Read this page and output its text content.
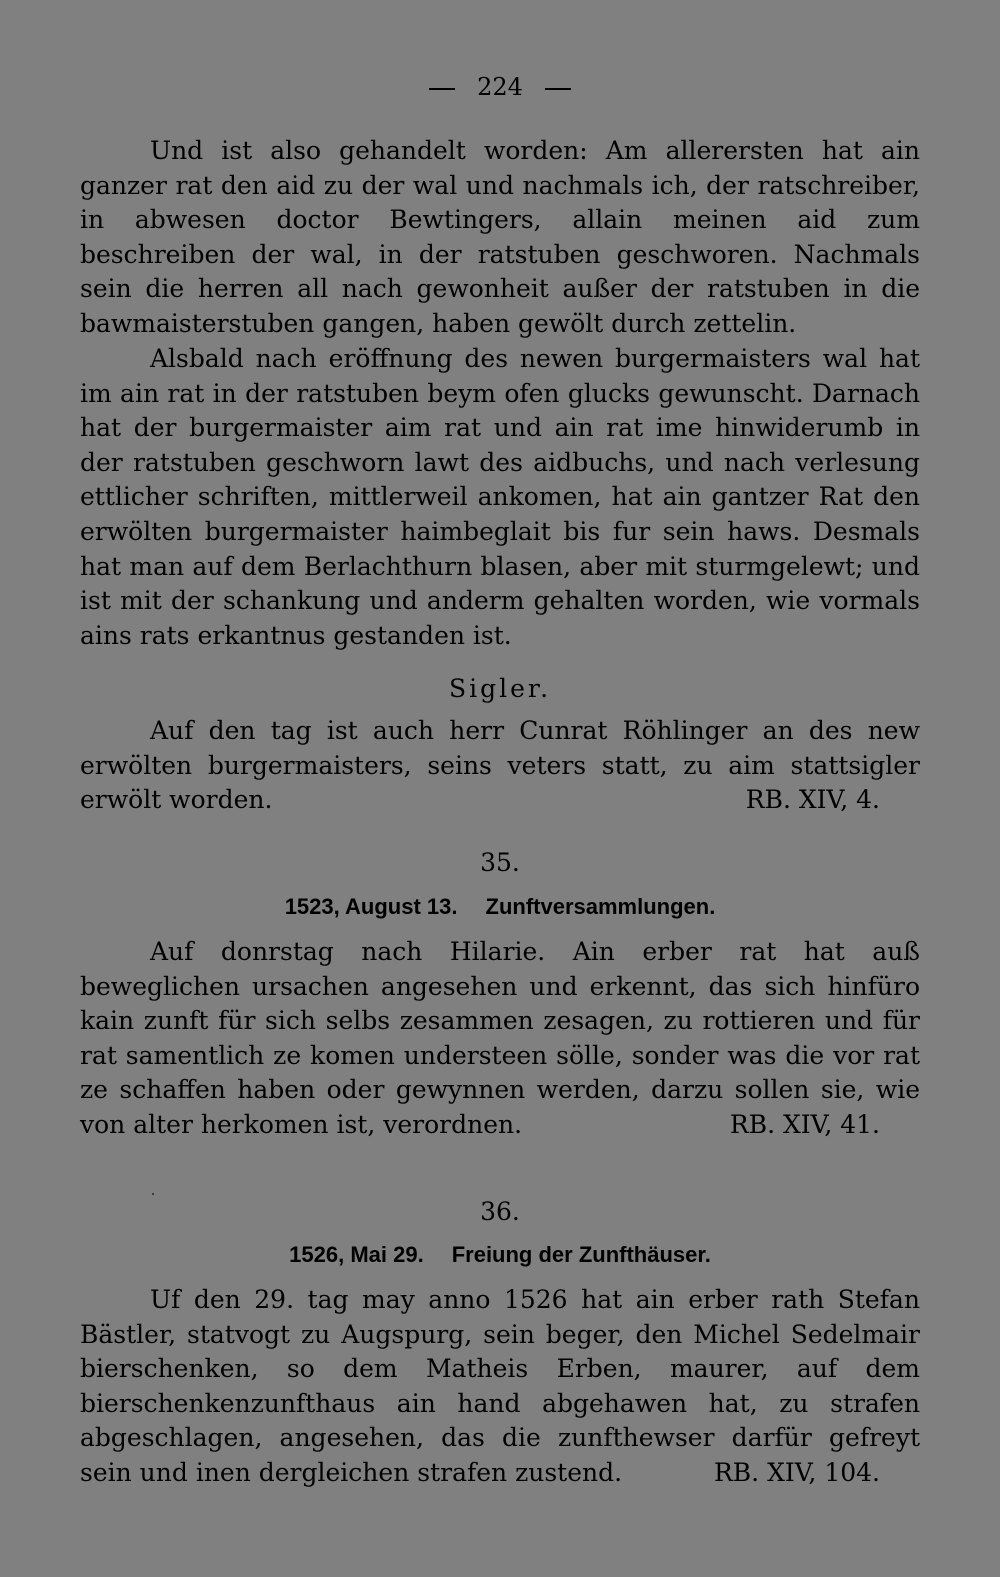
224

Und ist also gehandelt worden: Am allerersten hat ain ganzer rat den aid zu der wal und nachmals ich, der ratschreiber, in abwesen doctor Bewtingers, allain meinen aid zum beschreiben der wal, in der ratstuben geschworen. Nachmals sein die herren all nach gewonheit außer der ratstuben in die bawmaisterstuben gangen, haben gewölt durch zettelin.

Alsbald nach eröffnung des newen burgermaisters wal hat im ain rat in der ratstuben beym ofen glucks gewunscht. Darnach hat der burgermaister aim rat und ain rat ime hinwiderumb in der ratstuben geschworn lawt des aidbuchs, und nach verlesung ettlicher schriften, mittlerweil ankomen, hat ain gantzer Rat den erwölten burgermaister haimbeglait bis fur sein haws. Desmals hat man auf dem Berlachthurn blasen, aber mit sturmgelewt; und ist mit der schankung und anderm gehalten worden, wie vormals ains rats erkantnus gestanden ist.

Sigler.

Auf den tag ist auch herr Cunrat Röhlinger an des new erwölten burgermaisters, seins veters statt, zu aim stattsigler erwölt worden.	RB. XIV, 4.

35.

1523, August 13. Zunftversammlungen.

Auf donrstag nach Hilarie. Ain erber rat hat auß beweglichen ursachen angesehen und erkennt, das sich hinfüro kain zunft für sich selbs zesammen zesagen, zu rottieren und für rat samentlich ze komen understeen sölle, sonder was die vor rat ze schaffen haben oder gewynnen werden, darzu sollen sie, wie von alter herkomen ist, verordnen.	RB. XIV, 41.

36.

1526, Mai 29. Freiung der Zunfthäuser.

Uf den 29. tag may anno 1526 hat ain erber rath Stefan Bästler, statvogt zu Augspurg, sein beger, den Michel Sedelmair bierschenken, so dem Matheis Erben, maurer, auf dem bierschenkenzunfthaus ain hand abgehawen hat, zu strafen abgeschlagen, angesehen, das die zunfthewser darfür gefreyt sein und inen dergleichen strafen zustend.	RB. XIV, 104.
